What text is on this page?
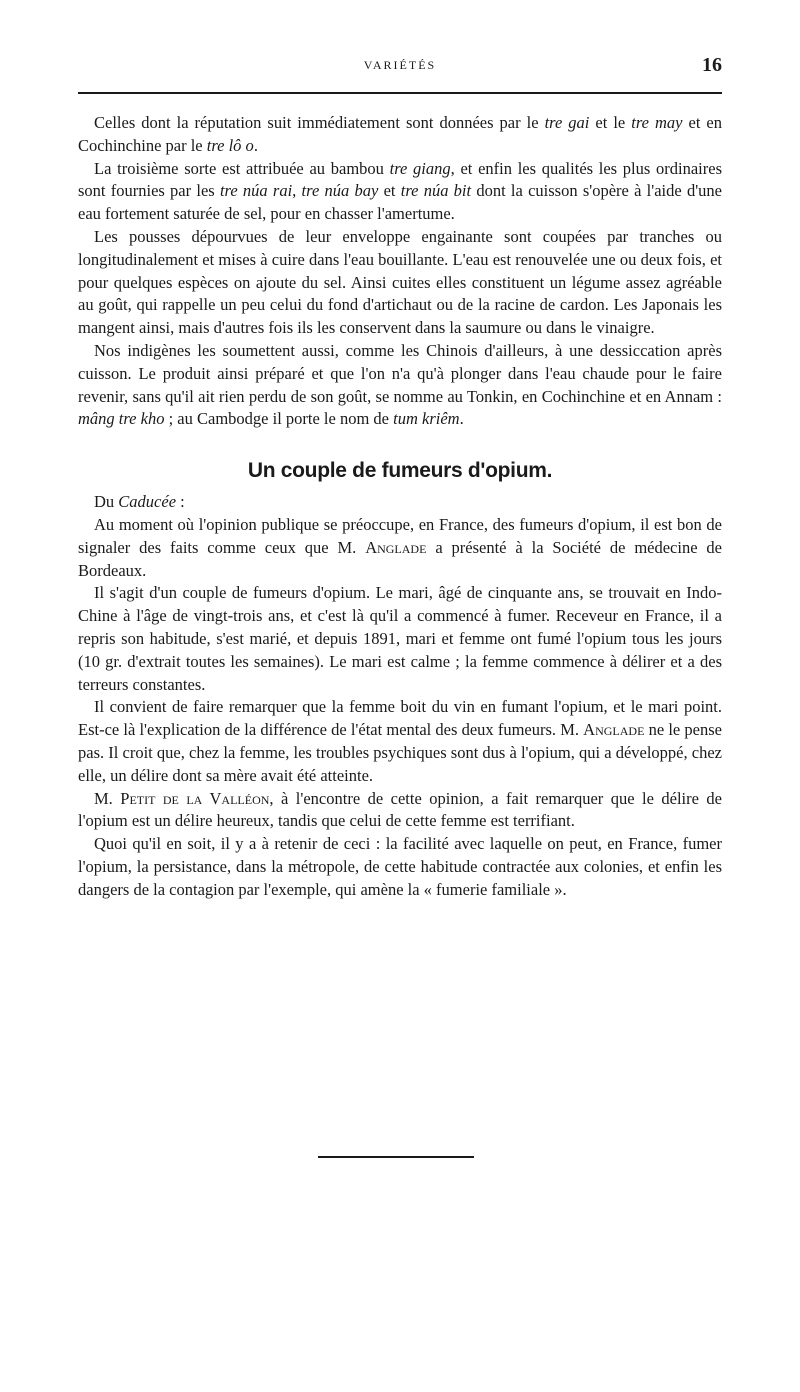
VARIÉTÉS	16

Celles dont la réputation suit immédiatement sont données par le tre gai et le tre may et en Cochinchine par le tre lô o.

La troisième sorte est attribuée au bambou tre giang, et enfin les qualités les plus ordinaires sont fournies par les tre núa rai, tre núa bay et tre núa bit dont la cuisson s'opère à l'aide d'une eau fortement saturée de sel, pour en chasser l'amertume.

Les pousses dépourvues de leur enveloppe engainante sont coupées par tranches ou longitudinalement et mises à cuire dans l'eau bouillante. L'eau est renouvelée une ou deux fois, et pour quelques espèces on ajoute du sel. Ainsi cuites elles constituent un légume assez agréable au goût, qui rappelle un peu celui du fond d'artichaut ou de la racine de cardon. Les Japonais les mangent ainsi, mais d'autres fois ils les conservent dans la saumure ou dans le vinaigre.

Nos indigènes les soumettent aussi, comme les Chinois d'ailleurs, à une dessiccation après cuisson. Le produit ainsi préparé et que l'on n'a qu'à plonger dans l'eau chaude pour le faire revenir, sans qu'il ait rien perdu de son goût, se nomme au Tonkin, en Cochinchine et en Annam : mâng tre kho ; au Cambodge il porte le nom de tum kriêm.

Un couple de fumeurs d'opium.

Du Caducée :

Au moment où l'opinion publique se préoccupe, en France, des fumeurs d'opium, il est bon de signaler des faits comme ceux que M. Anglade a présenté à la Société de médecine de Bordeaux.

Il s'agit d'un couple de fumeurs d'opium. Le mari, âgé de cinquante ans, se trouvait en Indo-Chine à l'âge de vingt-trois ans, et c'est là qu'il a commencé à fumer. Receveur en France, il a repris son habitude, s'est marié, et depuis 1891, mari et femme ont fumé l'opium tous les jours (10 gr. d'extrait toutes les semaines). Le mari est calme ; la femme commence à délirer et a des terreurs constantes.

Il convient de faire remarquer que la femme boit du vin en fumant l'opium, et le mari point. Est-ce là l'explication de la différence de l'état mental des deux fumeurs. M. Anglade ne le pense pas. Il croit que, chez la femme, les troubles psychiques sont dus à l'opium, qui a développé, chez elle, un délire dont sa mère avait été atteinte.

M. Petit de la Valléon, à l'encontre de cette opinion, a fait remarquer que le délire de l'opium est un délire heureux, tandis que celui de cette femme est terrifiant.

Quoi qu'il en soit, il y a à retenir de ceci : la facilité avec laquelle on peut, en France, fumer l'opium, la persistance, dans la métropole, de cette habitude contractée aux colonies, et enfin les dangers de la contagion par l'exemple, qui amène la « fumerie familiale ».
